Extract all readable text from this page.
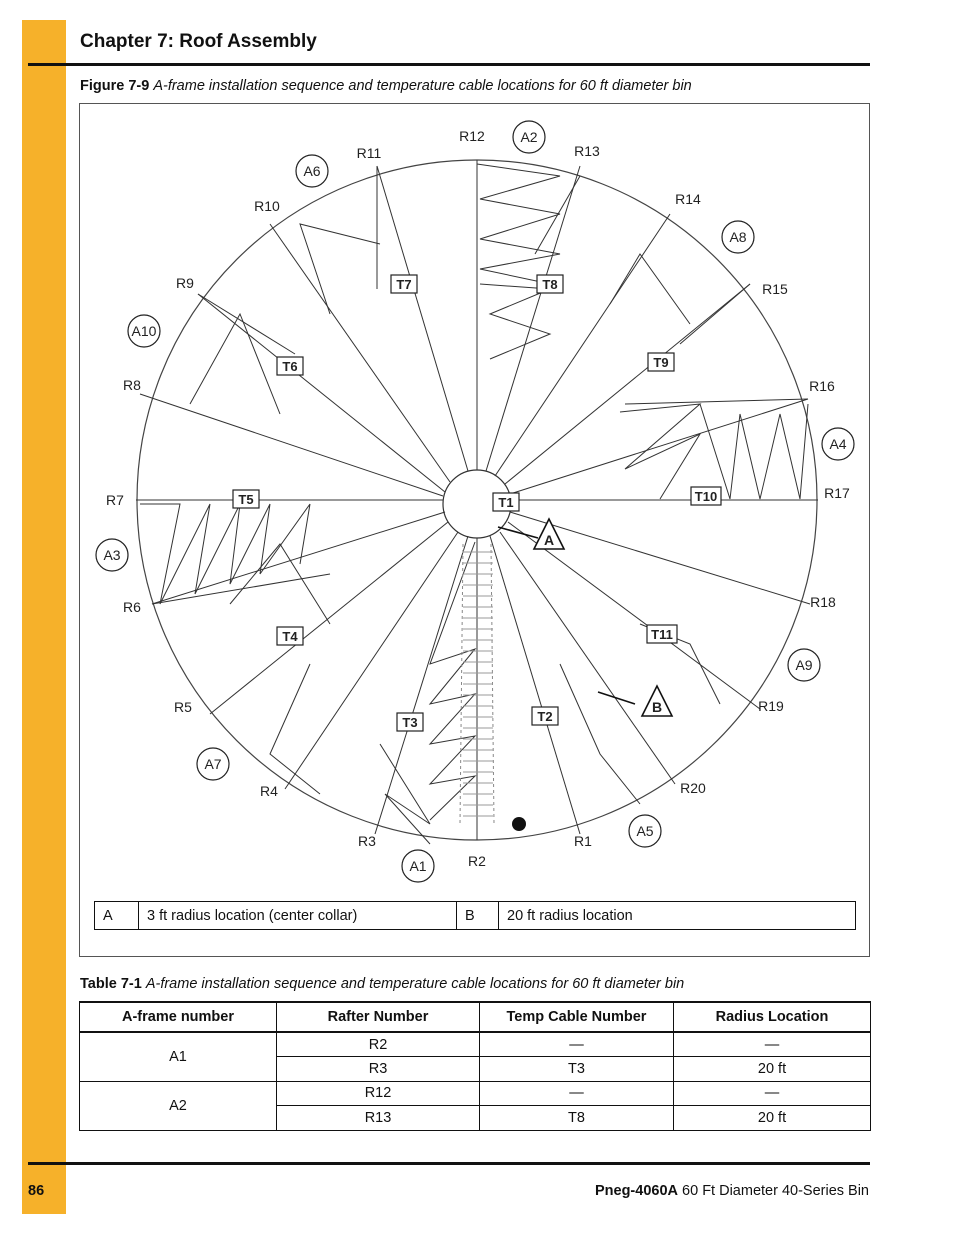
Chapter 7: Roof Assembly
Figure 7-9 A-frame installation sequence and temperature cable locations for 60 ft diameter bin
R1
R2
R3
R4
R5
R6
R7
R8
R9
R10
R11
R12
R13
R14
R15
R16
R17
R18
R19
R20
A1
A2
A3
A4
A5
A6
A7
A8
A9
A10
T1
T2
T3
T4
T5
T6
T7	T8
T9
T10
T11
A
B
A	3 ft radius location (center collar)	B	20 ft radius location
Table 7-1 A-frame installation sequence and temperature cable locations for 60 ft diameter bin
A-frame number	Rafter Number	Temp Cable Number	Radius Location
A1	R2	—	—
	R3	T3	20 ft
A2	R12	—	—
	R13	T8	20 ft
86	Pneg-4060A 60 Ft Diameter 40-Series Bin
